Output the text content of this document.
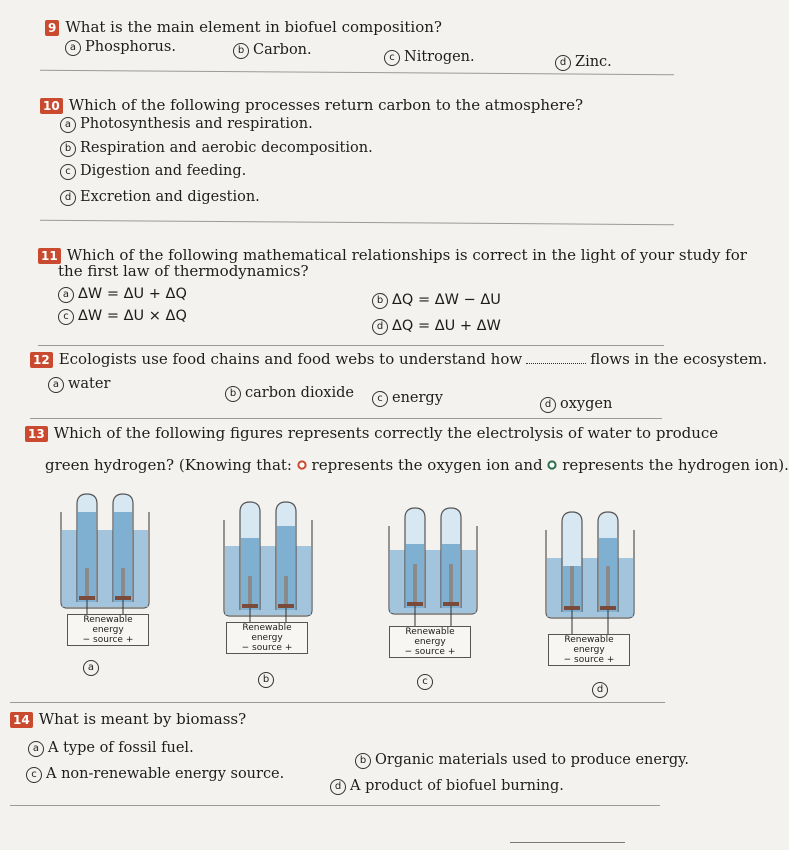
9 What is the main element in biofuel composition?
a Phosphorus.	b Carbon.	c Nitrogen.	d Zinc.
10 Which of the following processes return carbon to the atmosphere?
a Photosynthesis and respiration.
b Respiration and aerobic decomposition.
c Digestion and feeding.
d Excretion and digestion.
11 Which of the following mathematical relationships is correct in the light of your study for
the first law of thermodynamics?
a ΔW = ΔU + ΔQ
c ΔW = ΔU × ΔQ
b ΔQ = ΔW − ΔU
d ΔQ = ΔU + ΔW
12 Ecologists use food chains and food webs to understand how	flows in the ecosystem.
a water
b carbon dioxide	c energy	d oxygen
13 Which of the following figures represents correctly the electrolysis of water to produce
green hydrogen? (Knowing that: represents the oxygen ion and represents the hydrogen ion).
Renewable
energy
− source +
a
Renewable
energy
− source +
b
Renewable
energy
− source +
c
Renewable
energy
− source +
d
14 What is meant by biomass?
a A type of fossil fuel.
b Organic materials used to produce energy.
c A non-renewable energy source.
d A product of biofuel burning.
